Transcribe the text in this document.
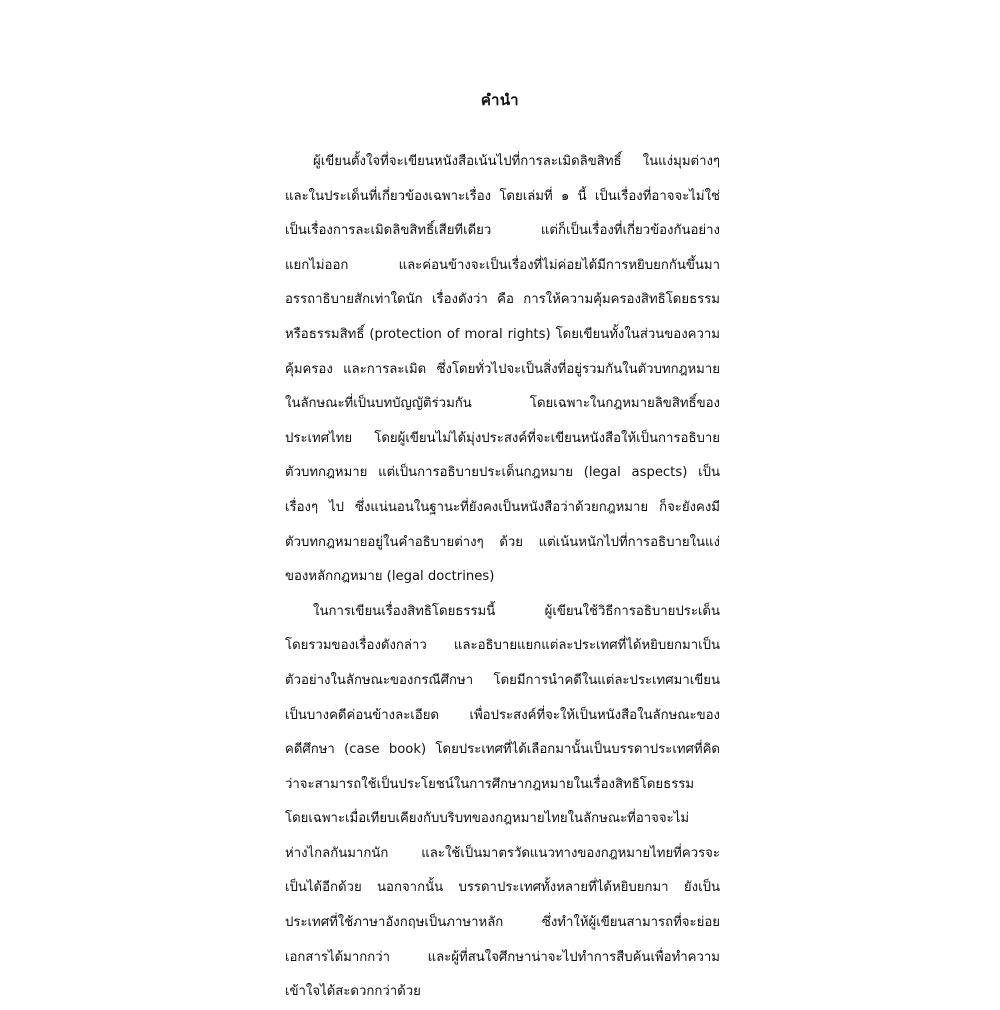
คำนำ
ผู้เขียนตั้งใจที่จะเขียนหนังสือเน้นไปที่การละเมิดลิขสิทธิ์ ในแง่มุมต่างๆ
และในประเด็นที่เกี่ยวข้องเฉพาะเรื่อง โดยเล่มที่ ๑ นี้ เป็นเรื่องที่อาจจะไม่ใช่
เป็นเรื่องการละเมิดลิขสิทธิ์เสียทีเดียว แต่ก็เป็นเรื่องที่เกี่ยวข้องกันอย่าง
แยกไม่ออก และค่อนข้างจะเป็นเรื่องที่ไม่ค่อยได้มีการหยิบยกกันขึ้นมา
อรรถาธิบายสักเท่าใดนัก เรื่องดังว่า คือ การให้ความคุ้มครองสิทธิโดยธรรม
หรือธรรมสิทธิ์ (protection of moral rights) โดยเขียนทั้งในส่วนของความ
คุ้มครอง และการละเมิด ซึ่งโดยทั่วไปจะเป็นสิ่งที่อยู่รวมกันในตัวบทกฎหมาย
ในลักษณะที่เป็นบทบัญญัติร่วมกัน โดยเฉพาะในกฎหมายลิขสิทธิ์ของ
ประเทศไทย โดยผู้เขียนไม่ได้มุ่งประสงค์ที่จะเขียนหนังสือให้เป็นการอธิบาย
ตัวบทกฎหมาย แต่เป็นการอธิบายประเด็นกฎหมาย (legal aspects) เป็น
เรื่องๆ ไป ซึ่งแน่นอนในฐานะที่ยังคงเป็นหนังสือว่าด้วยกฎหมาย ก็จะยังคงมี
ตัวบทกฎหมายอยู่ในคำอธิบายต่างๆ ด้วย แต่เน้นหนักไปที่การอธิบายในแง่
ของหลักกฎหมาย (legal doctrines)
ในการเขียนเรื่องสิทธิโดยธรรมนี้ ผู้เขียนใช้วิธีการอธิบายประเด็น
โดยรวมของเรื่องดังกล่าว และอธิบายแยกแต่ละประเทศที่ได้หยิบยกมาเป็น
ตัวอย่างในลักษณะของกรณีศึกษา โดยมีการนำคดีในแต่ละประเทศมาเขียน
เป็นบางคดีค่อนข้างละเอียด เพื่อประสงค์ที่จะให้เป็นหนังสือในลักษณะของ
คดีศึกษา (case book) โดยประเทศที่ได้เลือกมานั้นเป็นบรรดาประเทศที่คิด
ว่าจะสามารถใช้เป็นประโยชน์ในการศึกษากฎหมายในเรื่องสิทธิโดยธรรม
โดยเฉพาะเมื่อเทียบเคียงกับบริบทของกฎหมายไทยในลักษณะที่อาจจะไม่
ห่างไกลกันมากนัก และใช้เป็นมาตรวัดแนวทางของกฎหมายไทยที่ควรจะ
เป็นได้อีกด้วย นอกจากนั้น บรรดาประเทศทั้งหลายที่ได้หยิบยกมา ยังเป็น
ประเทศที่ใช้ภาษาอังกฤษเป็นภาษาหลัก ซึ่งทำให้ผู้เขียนสามารถที่จะย่อย
เอกสารได้มากกว่า และผู้ที่สนใจศึกษาน่าจะไปทำการสืบค้นเพื่อทำความ
เข้าใจได้สะดวกกว่าด้วย
